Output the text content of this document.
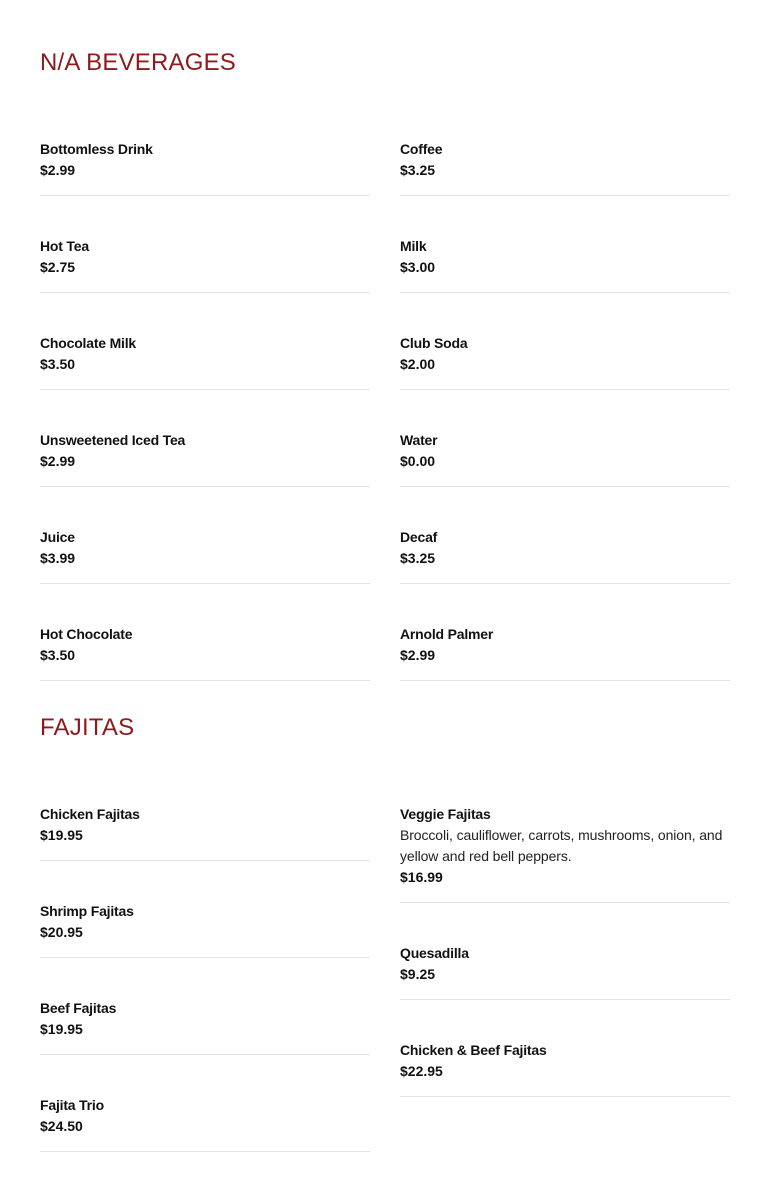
N/A BEVERAGES
Bottomless Drink
$2.99
Hot Tea
$2.75
Chocolate Milk
$3.50
Unsweetened Iced Tea
$2.99
Juice
$3.99
Hot Chocolate
$3.50
Coffee
$3.25
Milk
$3.00
Club Soda
$2.00
Water
$0.00
Decaf
$3.25
Arnold Palmer
$2.99
FAJITAS
Chicken Fajitas
$19.95
Shrimp Fajitas
$20.95
Beef Fajitas
$19.95
Fajita Trio
$24.50
Veggie Fajitas
Broccoli, cauliflower, carrots, mushrooms, onion, and yellow and red bell peppers.
$16.99
Quesadilla
$9.25
Chicken & Beef Fajitas
$22.95
